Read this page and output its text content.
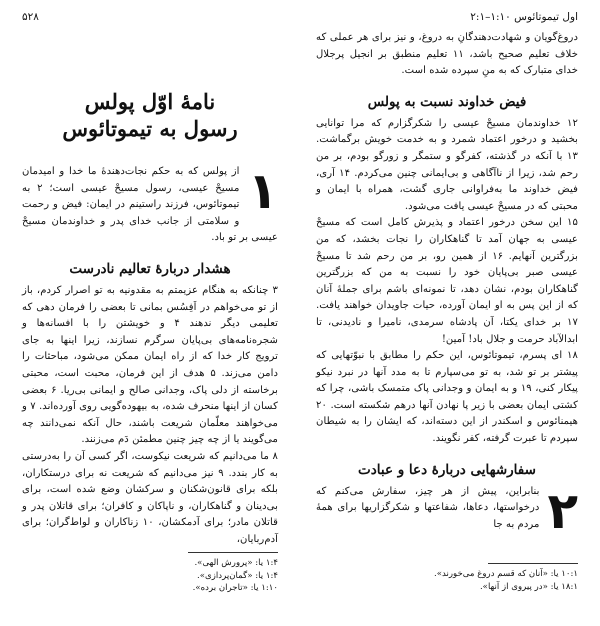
اول تیموتائوس ۱:۱۰–۲:۱
۵۲۸

دروغ‌گویان و شهادت‌دهندگانِ به دروغ، و نیز برای هر عملی که خلاف تعلیم صحیح باشد، ۱۱ تعلیم منطبق بر انجیل پرجلال خدای متبارک که به منِ سپرده شده است.

فیض خداوند نسبت به پولس

۱۲ خداوندمان مسیحْ عیسی را شکرگزارم که مرا توانایی بخشید و درخور اعتماد شمرد و به خدمت خویش برگماشت. ۱۳ با آنکه در گذشته، کفرگو و ستمگر و زورگو بودم، بر من رحم شد، زیرا از ناآگاهی و بی‌ایمانی چنین می‌کردم. ۱۴ آری، فیض خداوند ما به‌فراوانی جاری گشت، همراه با ایمان و محبتی که در مسیحْ عیسی یافت می‌شود.

۱۵ این سخن درخور اعتماد و پذیرش کامل است که مسیحْ عیسی به جهان آمد تا گناهکاران را نجات بخشد، که من بزرگترین آنهایم. ۱۶ از همین رو، بر من رحم شد تا مسیحْ عیسی صبر بی‌پایان خود را نسبت به من که بزرگترین گناهکاران بودم، نشان دهد، تا نمونه‌ای باشم برای جملهٔ آنان که از این پس به او ایمان آورده، حیات جاویدان خواهند یافت. ۱۷ بر خدای یکتا، آن پادشاه سرمدی، نامیرا و نادیدنی، تا ابدالآباد حرمت و جلال باد! آمین!

۱۸ ای پسرم، تیموتائوس، این حکم را مطابق با نبوّتهایی که پیشتر بر تو شد، به تو می‌سپارم تا به مدد آنها در نبرد نیکو پیکار کنی، ۱۹ و به ایمان و وجدانی پاک متمسک باشی، چرا که کشتی ایمان بعضی با زیر پا نهادن آنها درهم شکسته است. ۲۰ هیمنائوس و اسکندر از این دسته‌اند، که ایشان را به شیطان سپردم تا عبرت گرفته، کفر نگویند.

سفارشهایی دربارهٔ دعا و عبادت
۲

بنابراین، پیش از هر چیز، سفارش می‌کنم که درخواستها، دعاها، شفاعتها و شکرگزاریها برای همهٔ مردم به جا

۱۰:۱ یا: «آنان که قسم دروغ می‌خورند».
۱۸:۱ یا: «در پیروی از آنها».
نامهٔ اوّل پولس
رسول به تیموتائوس
۱

از پولس که به حکم نجات‌دهندهٔ ما خدا و امیدمان مسیحْ عیسی، رسول مسیحْ عیسی است؛ ۲ به تیموتائوس، فرزند راستینم در ایمان: فیض و رحمت و سلامتی از جانب خدای پدر و خداوندمان مسیحْ عیسی بر تو باد.

هشدار دربارهٔ تعالیم نادرست

۳ چنانکه به هنگام عزیمتم به مقدونیه به تو اصرار کردم، باز از تو می‌خواهم در اَفِسُس بمانی تا بعضی را فرمان دهی که تعلیمی دیگر ندهند ۴ و خویشتن را با افسانه‌ها و شجره‌نامه‌های بی‌پایان سرگرم نسازند، زیرا اینها به جای ترویج کار خدا که از راه ایمان ممکن می‌شود، مباحثات را دامن می‌زند. ۵ هدف از این فرمان، محبت است، محبتی برخاسته از دلی پاک، وجدانی صالح و ایمانی بی‌ریا. ۶ بعضی کسان از اینها منحرف شده، به بیهوده‌گویی روی آورده‌اند. ۷ و می‌خواهند معلّمان شریعت باشند، حال آنکه نمی‌دانند چه می‌گویند یا از چه چیز چنین مطمئن دَم می‌زنند.

۸ ما می‌دانیم که شریعت نیکوست، اگر کسی آن را به‌درستی به کار بندد. ۹ نیز می‌دانیم که شریعت نه برای درستکاران، بلکه برای قانون‌شکنان و سرکشان وضع شده است، برای بی‌دینان و گناهکاران، و ناپاکان و کافران؛ برای قاتلان پدر و قاتلان مادر؛ برای آدمکشان، ۱۰ زناکاران و لواط‌گران؛ برای آدم‌ربایان،

۱:۴ یا: «پرورش الهی».
۱:۴ یا: «گمان‌پردازی».
۱:۱۰ یا: «تاجران برده».
